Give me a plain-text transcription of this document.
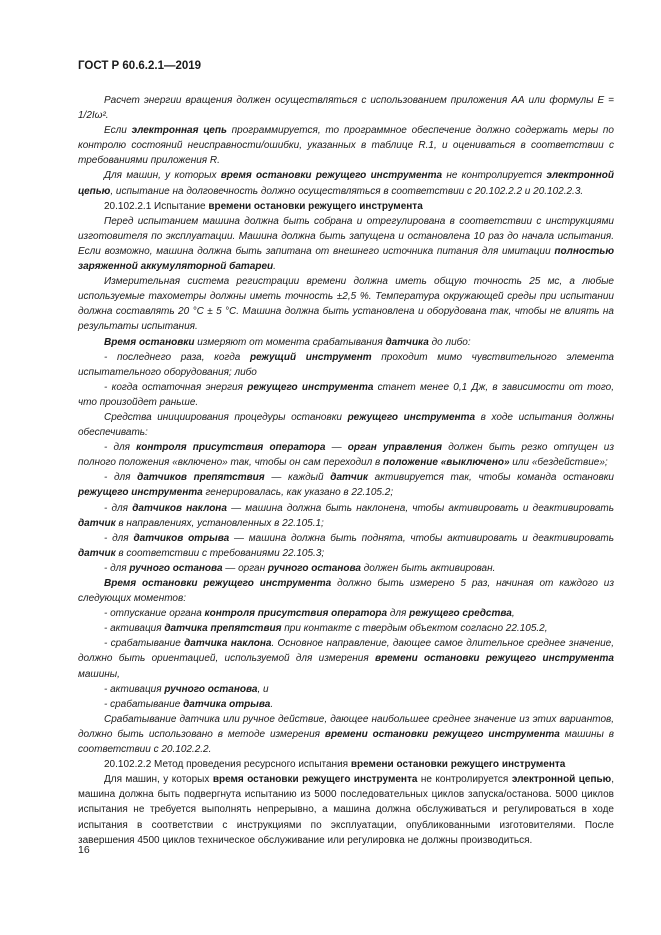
ГОСТ Р 60.6.2.1—2019

Расчет энергии вращения должен осуществляться с использованием приложения АА или формулы E = 1/2Iω².

Если электронная цепь программируется, то программное обеспечение должно содержать меры по контролю состояний неисправности/ошибки, указанных в таблице R.1, и оцениваться в соответствии с требованиями приложения R.

Для машин, у которых время остановки режущего инструмента не контролируется электронной цепью, испытание на долговечность должно осуществляться в соответствии с 20.102.2.2 и 20.102.2.3.

20.102.2.1 Испытание времени остановки режущего инструмента

Перед испытанием машина должна быть собрана и отрегулирована в соответствии с инструкциями изготовителя по эксплуатации. Машина должна быть запущена и остановлена 10 раз до начала испытания. Если возможно, машина должна быть запитана от внешнего источника питания для имитации полностью заряженной аккумуляторной батареи.

Измерительная система регистрации времени должна иметь общую точность 25 мс, а любые используемые тахометры должны иметь точность ±2,5 %. Температура окружающей среды при испытании должна составлять 20 °С ± 5 °С. Машина должна быть установлена и оборудована так, чтобы не влиять на результаты испытания.

Время остановки измеряют от момента срабатывания датчика до либо:

- последнего раза, когда режущий инструмент проходит мимо чувствительного элемента испытательного оборудования; либо

- когда остаточная энергия режущего инструмента станет менее 0,1 Дж, в зависимости от того, что произойдет раньше.

Средства инициирования процедуры остановки режущего инструмента в ходе испытания должны обеспечивать:

- для контроля присутствия оператора — орган управления должен быть резко отпущен из полного положения «включено» так, чтобы он сам переходил в положение «выключено» или «бездействие»;

- для датчиков препятствия — каждый датчик активируется так, чтобы команда остановки режущего инструмента генерировалась, как указано в 22.105.2;

- для датчиков наклона — машина должна быть наклонена, чтобы активировать и деактивировать датчик в направлениях, установленных в 22.105.1;

- для датчиков отрыва — машина должна быть поднята, чтобы активировать и деактивировать датчик в соответствии с требованиями 22.105.3;

- для ручного останова — орган ручного останова должен быть активирован.

Время остановки режущего инструмента должно быть измерено 5 раз, начиная от каждого из следующих моментов:

- отпускание органа контроля присутствия оператора для режущего средства,

- активация датчика препятствия при контакте с твердым объектом согласно 22.105.2,

- срабатывание датчика наклона. Основное направление, дающее самое длительное среднее значение, должно быть ориентацией, используемой для измерения времени остановки режущего инструмента машины,

- активация ручного останова, и

- срабатывание датчика отрыва.

Срабатывание датчика или ручное действие, дающее наибольшее среднее значение из этих вариантов, должно быть использовано в методе измерения времени остановки режущего инструмента машины в соответствии с 20.102.2.2.

20.102.2.2 Метод проведения ресурсного испытания времени остановки режущего инструмента

Для машин, у которых время остановки режущего инструмента не контролируется электронной цепью, машина должна быть подвергнута испытанию из 5000 последовательных циклов запуска/останова. 5000 циклов испытания не требуется выполнять непрерывно, а машина должна обслуживаться и регулироваться в ходе испытания в соответствии с инструкциями по эксплуатации, опубликованными изготовителями. После завершения 4500 циклов техническое обслуживание или регулировка не должны производиться.

16
